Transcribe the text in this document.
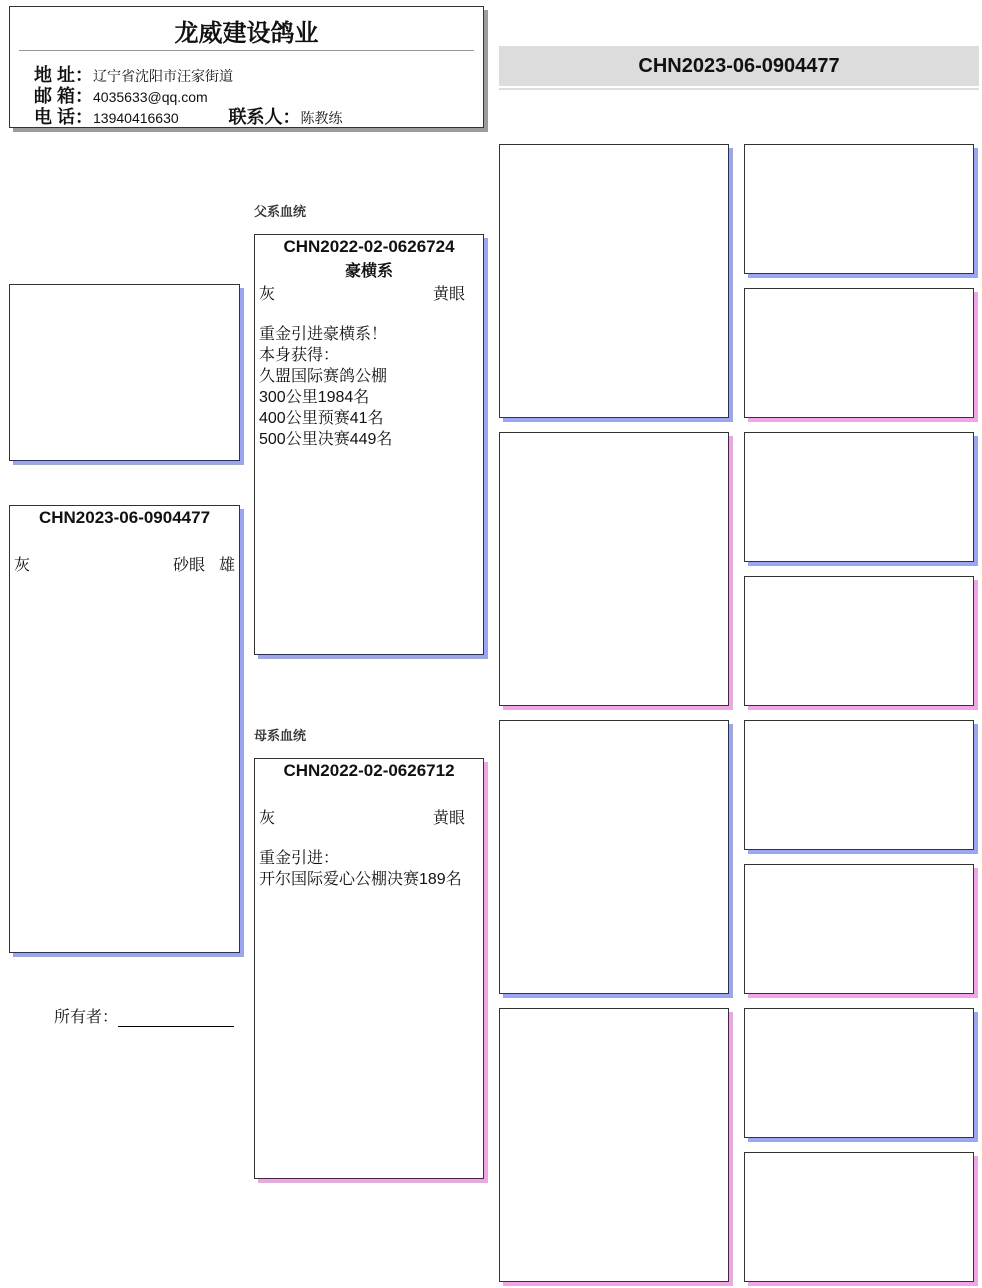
龙威建设鸽业
地 址：辽宁省沈阳市汪家街道
邮 箱：4035633@qq.com
电 话：13940416630	联系人：陈教练
CHN2023-06-0904477
CHN2023-06-0904477
灰	雄
砂眼
所有者：
父系血统
CHN2022-02-0626724
豪横系
灰	黄眼
重金引进豪横系！
本身获得：
久盟国际赛鸽公棚
300公里1984名
400公里预赛41名
500公里决赛449名
母系血统
CHN2022-02-0626712
灰	黄眼
重金引进：
开尔国际爱心公棚决赛189名
